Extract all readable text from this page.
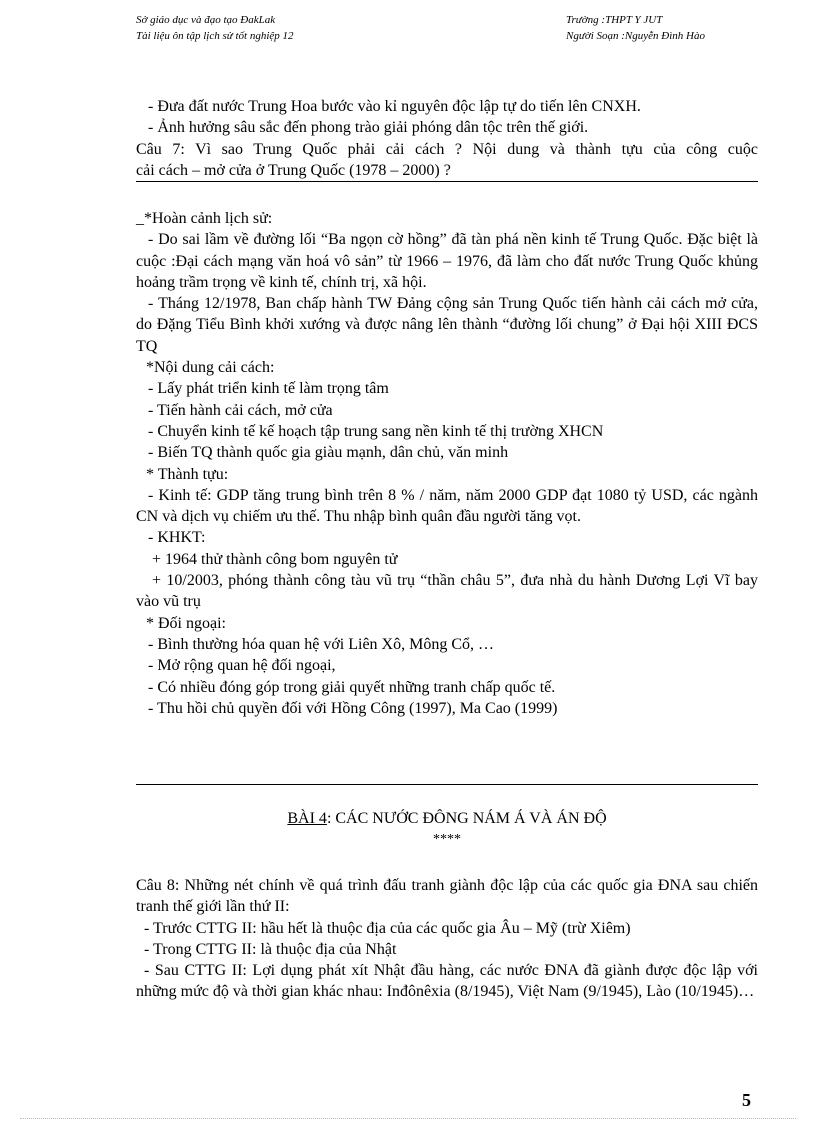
Sở giáo dục và đạo tạo ĐakLak
Tài liệu ôn tập lịch sử tốt nghiệp 12
Trường :THPT Y JUT
Người Soạn :Nguyễn Đình Hào
- Đưa đất nước Trung Hoa bước vào kỉ nguyên độc lập tự do tiến lên CNXH.
- Ảnh hưởng sâu sắc đến phong trào giải phóng dân tộc trên thế giới.
Câu 7: Vì sao Trung Quốc phải cải cách ? Nội dung và thành tựu của công cuộc
cải cách – mở cửa ở Trung Quốc (1978 – 2000) ?
_*Hoàn cảnh lịch sử:
- Do sai lầm về đường lối “Ba ngọn cờ hồng” đã tàn phá nền kinh tế Trung Quốc. Đặc biệt là cuộc :Đại cách mạng văn hoá vô sản” từ 1966 – 1976, đã làm cho đất nước Trung Quốc khủng hoảng trầm trọng về kinh tế, chính trị, xã hội.
- Tháng 12/1978, Ban chấp hành TW Đảng cộng sản Trung Quốc tiến hành cải cách mở cửa, do Đặng Tiểu Bình khởi xướng và được nâng lên thành “đường lối chung” ở Đại hội XIII ĐCS TQ
*Nội dung cải cách:
- Lấy phát triển kinh tế làm trọng tâm
- Tiến hành cải cách, mở cửa
- Chuyển kinh tế kế hoạch tập trung sang nền kinh tế thị trường XHCN
- Biến TQ thành quốc gia giàu mạnh, dân chủ, văn minh
* Thành tựu:
- Kinh tế: GDP tăng trung bình trên 8 % / năm, năm 2000 GDP đạt 1080 tỷ USD, các ngành CN và dịch vụ chiếm ưu thế. Thu nhập bình quân đầu người tăng vọt.
- KHKT:
+ 1964 thử thành công bom nguyên tử
+ 10/2003, phóng thành công tàu vũ trụ “thần châu 5”, đưa nhà du hành Dương Lợi Vĩ bay vào vũ trụ
* Đối ngoại:
- Bình thường hóa quan hệ với Liên Xô, Mông Cổ, …
- Mở rộng quan hệ đối ngoại,
- Có nhiều đóng góp trong giải quyết những tranh chấp quốc tế.
- Thu hồi chủ quyền đối với Hồng Công (1997), Ma Cao (1999)
BÀI 4: CÁC NƯỚC ĐÔNG NÁM Á VÀ ÁN ĐỘ
****
Câu 8: Những nét chính về quá trình đấu tranh giành độc lập của các quốc gia ĐNA sau chiến tranh thế giới lần thứ II:
- Trước CTTG II: hầu hết là thuộc địa của các quốc gia Âu – Mỹ (trừ Xiêm)
- Trong CTTG II: là thuộc địa của Nhật
- Sau CTTG II: Lợi dụng phát xít Nhật đầu hàng, các nước ĐNA đã giành được độc lập với những mức độ và thời gian khác nhau: Inđônêxia (8/1945), Việt Nam (9/1945), Lào (10/1945)…
5
